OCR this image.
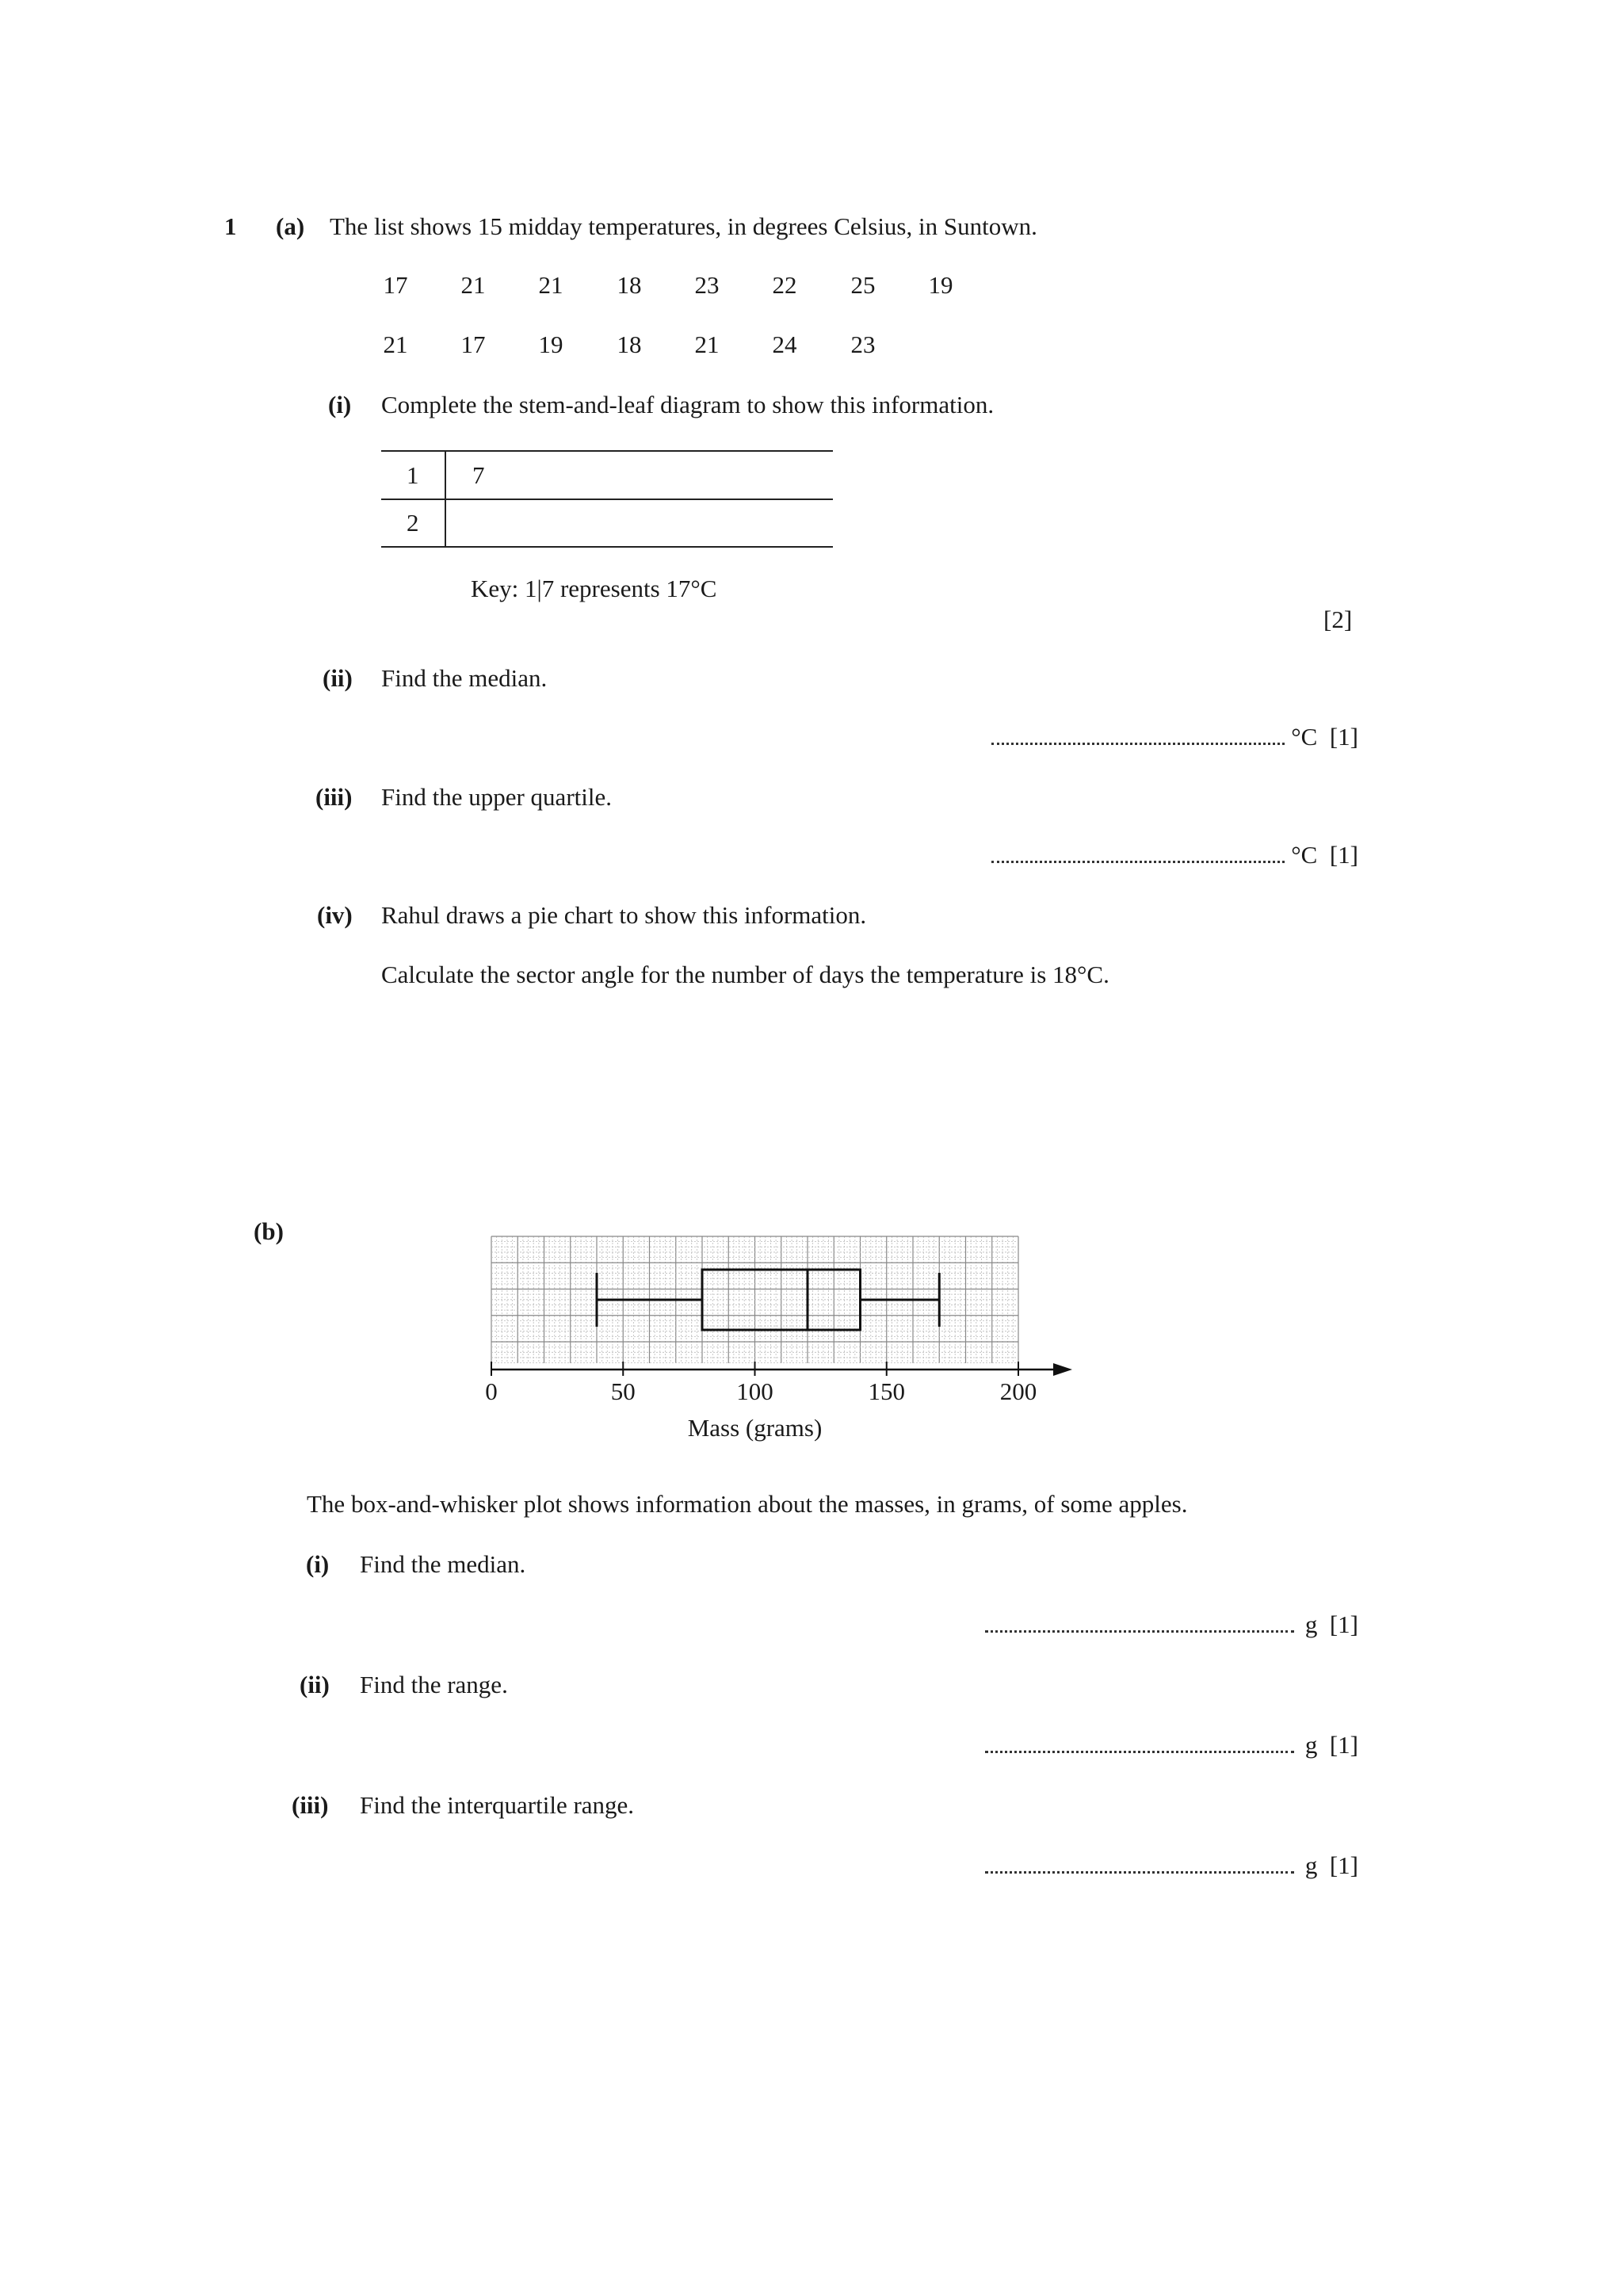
1 (a) The list shows 15 midday temperatures, in degrees Celsius, in Suntown.
17	21	21	18	23	22	25	19
21	17	19	18	21	24	23
(i) Complete the stem-and-leaf diagram to show this information.
1 7
2
Key: 1|7 represents 17°C
[2]
(ii) Find the median.
°C [1]
(iii) Find the upper quartile.
°C [1]
(iv) Rahul draws a pie chart to show this information.
Calculate the sector angle for the number of days the temperature is 18°C.
(b)
0	50	100	150	200
Mass (grams)
The box-and-whisker plot shows information about the masses, in grams, of some apples.
(i) Find the median.
g [1]
(ii) Find the range.
g [1]
(iii) Find the interquartile range.
g [1]
